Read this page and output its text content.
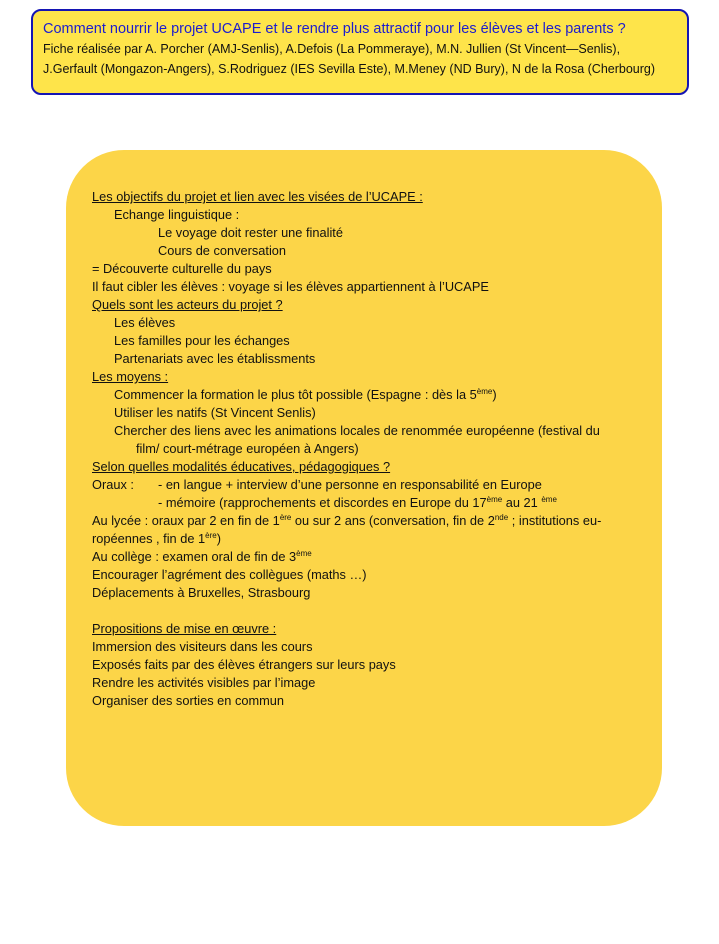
Comment nourrir le projet UCAPE et le rendre plus attractif pour les élèves et les parents ?
Fiche réalisée par A. Porcher (AMJ-Senlis), A.Defois (La Pommeraye), M.N. Jullien (St Vincent—Senlis),
J.Gerfault (Mongazon-Angers), S.Rodriguez (IES Sevilla Este), M.Meney (ND Bury), N de la Rosa (Cherbourg)
Les objectifs du projet et lien avec les visées de l’UCAPE :
Echange linguistique :
Le voyage doit rester une finalité
Cours de conversation
= Découverte culturelle du pays
Il faut cibler les élèves : voyage si les élèves appartiennent à l’UCAPE
Quels sont les acteurs du projet ?
Les élèves
Les familles pour les échanges
Partenariats avec les établissments
Les moyens :
Commencer la formation le plus tôt possible (Espagne : dès la 5ème)
Utiliser les natifs (St Vincent Senlis)
Chercher des liens avec les animations locales de renommée européenne (festival du
film/ court-métrage européen à Angers)
Selon quelles modalités éducatives, pédagogiques ?
Oraux : - en langue + interview d’une personne en responsabilité en Europe
- mémoire (rapprochements et discordes en Europe du 17ème au 21 $^{ème}$
Au lycée : oraux par 2 en fin de 1ère ou sur 2 ans (conversation, fin de 2nde ; institutions eu-
ropéennes , fin de 1ère)
Au collège : examen oral de fin de 3ème
Encourager l’agrément des collègues (maths …)
Déplacements à Bruxelles, Strasbourg
Propositions de mise en œuvre :
Immersion des visiteurs dans les cours
Exposés faits par des élèves étrangers sur leurs pays
Rendre les activités visibles par l’image
Organiser des sorties en commun
